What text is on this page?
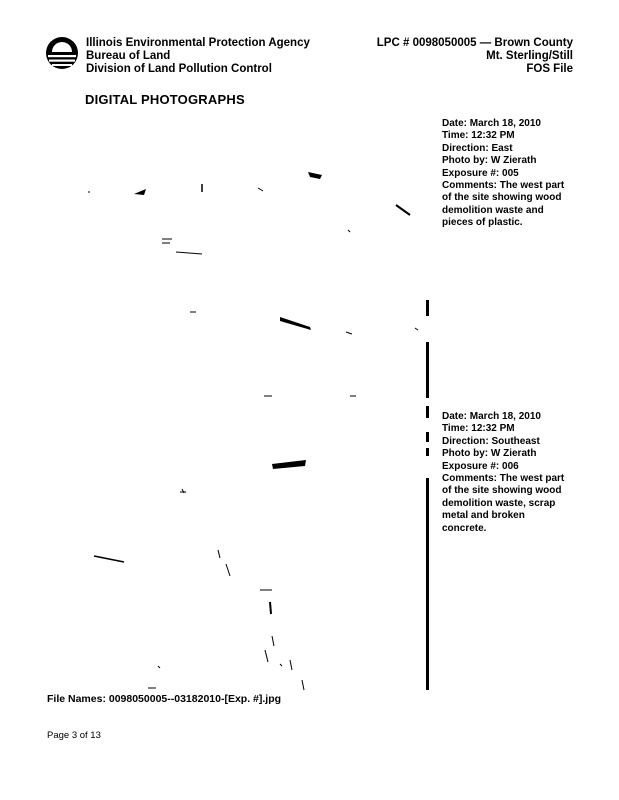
Illinois Environmental Protection Agency
Bureau of Land
Division of Land Pollution Control
LPC # 0098050005 — Brown County
Mt. Sterling/Still
FOS File
DIGITAL PHOTOGRAPHS
Date: March 18, 2010
Time: 12:32 PM
Direction: East
Photo by: W Zierath
Exposure #: 005
Comments: The west part of the site showing wood demolition waste and pieces of plastic.
Date: March 18, 2010
Time: 12:32 PM
Direction: Southeast
Photo by: W Zierath
Exposure #: 006
Comments: The west part of the site showing wood demolition waste, scrap metal and broken concrete.
File Names: 0098050005--03182010-[Exp. #].jpg
Page 3 of 13
